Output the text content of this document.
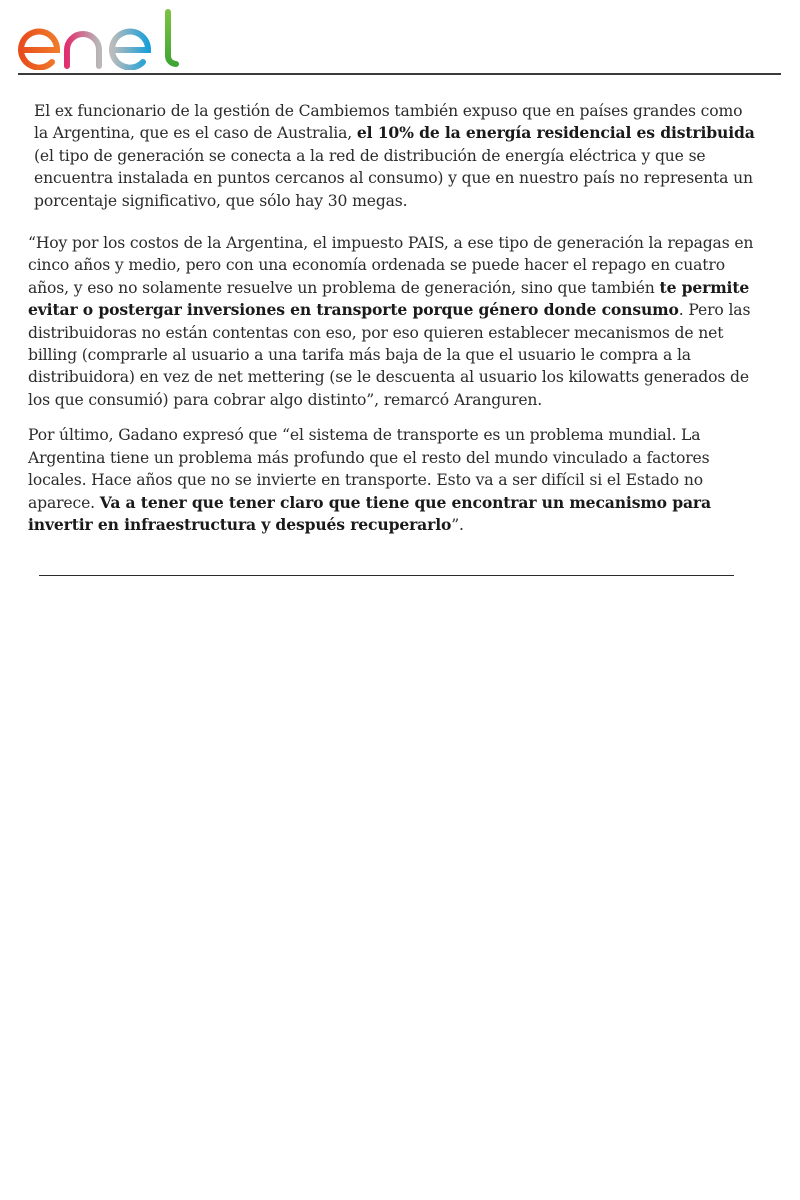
El ex funcionario de la gestión de Cambiemos también expuso que en países grandes como la Argentina, que es el caso de Australia, el 10% de la energía residencial es distribuida (el tipo de generación se conecta a la red de distribución de energía eléctrica y que se encuentra instalada en puntos cercanos al consumo) y que en nuestro país no representa un porcentaje significativo, que sólo hay 30 megas.

“Hoy por los costos de la Argentina, el impuesto PAIS, a ese tipo de generación la repagas en cinco años y medio, pero con una economía ordenada se puede hacer el repago en cuatro años, y eso no solamente resuelve un problema de generación, sino que también te permite evitar o postergar inversiones en transporte porque género donde consumo. Pero las distribuidoras no están contentas con eso, por eso quieren establecer mecanismos de net billing (comprarle al usuario a una tarifa más baja de la que el usuario le compra a la distribuidora) en vez de net mettering (se le descuenta al usuario los kilowatts generados de los que consumió) para cobrar algo distinto”, remarcó Aranguren.

Por último, Gadano expresó que “el sistema de transporte es un problema mundial. La Argentina tiene un problema más profundo que el resto del mundo vinculado a factores locales. Hace años que no se invierte en transporte. Esto va a ser difícil si el Estado no aparece. Va a tener que tener claro que tiene que encontrar un mecanismo para invertir en infraestructura y después recuperarlo”.
